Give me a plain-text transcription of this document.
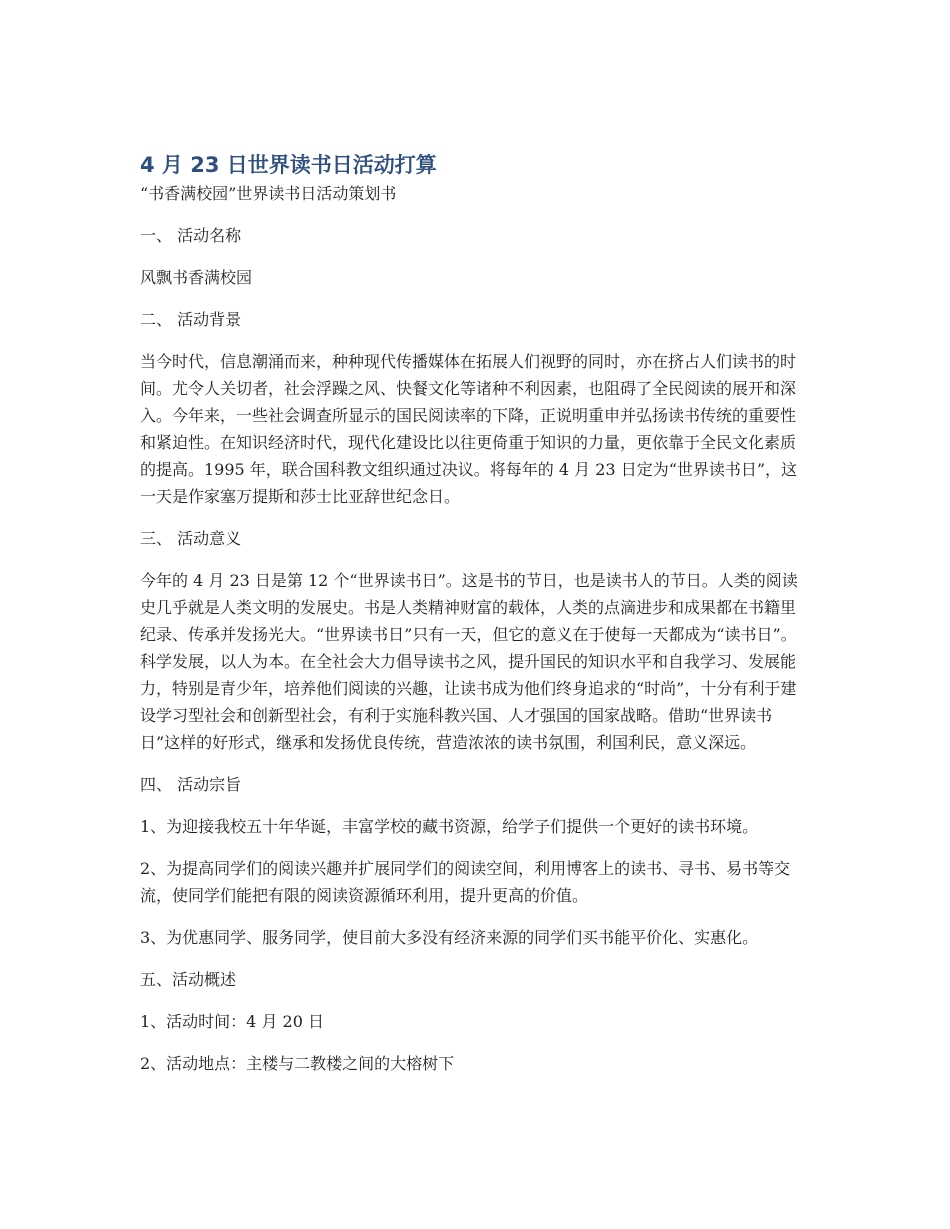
4 月 23 日世界读书日活动打算

“书香满校园”世界读书日活动策划书

一、 活动名称

风飘书香满校园

二、 活动背景

当今时代，信息潮涌而来，种种现代传播媒体在拓展人们视野的同时，亦在挤占人们读书的时间。尤令人关切者，社会浮躁之风、快餐文化等诸种不利因素，也阻碍了全民阅读的展开和深入。今年来，一些社会调查所显示的国民阅读率的下降，正说明重申并弘扬读书传统的重要性和紧迫性。在知识经济时代，现代化建设比以往更倚重于知识的力量，更依靠于全民文化素质的提高。1995 年，联合国科教文组织通过决议。将每年的 4 月 23 日定为“世界读书日”，这一天是作家塞万提斯和莎士比亚辞世纪念日。

三、 活动意义

今年的 4 月 23 日是第 12 个“世界读书日”。这是书的节日，也是读书人的节日。人类的阅读史几乎就是人类文明的发展史。书是人类精神财富的载体，人类的点滴进步和成果都在书籍里纪录、传承并发扬光大。“世界读书日”只有一天，但它的意义在于使每一天都成为“读书日”。科学发展，以人为本。在全社会大力倡导读书之风，提升国民的知识水平和自我学习、发展能力，特别是青少年，培养他们阅读的兴趣，让读书成为他们终身追求的“时尚”，十分有利于建设学习型社会和创新型社会，有利于实施科教兴国、人才强国的国家战略。借助“世界读书日”这样的好形式，继承和发扬优良传统，营造浓浓的读书氛围，利国利民，意义深远。

四、 活动宗旨

1、为迎接我校五十年华诞，丰富学校的藏书资源，给学子们提供一个更好的读书环境。

2、为提高同学们的阅读兴趣并扩展同学们的阅读空间，利用博客上的读书、寻书、易书等交流，使同学们能把有限的阅读资源循环利用，提升更高的价值。

3、为优惠同学、服务同学，使目前大多没有经济来源的同学们买书能平价化、实惠化。

五、活动概述

1、活动时间：4 月 20 日

2、活动地点：主楼与二教楼之间的大榕树下
